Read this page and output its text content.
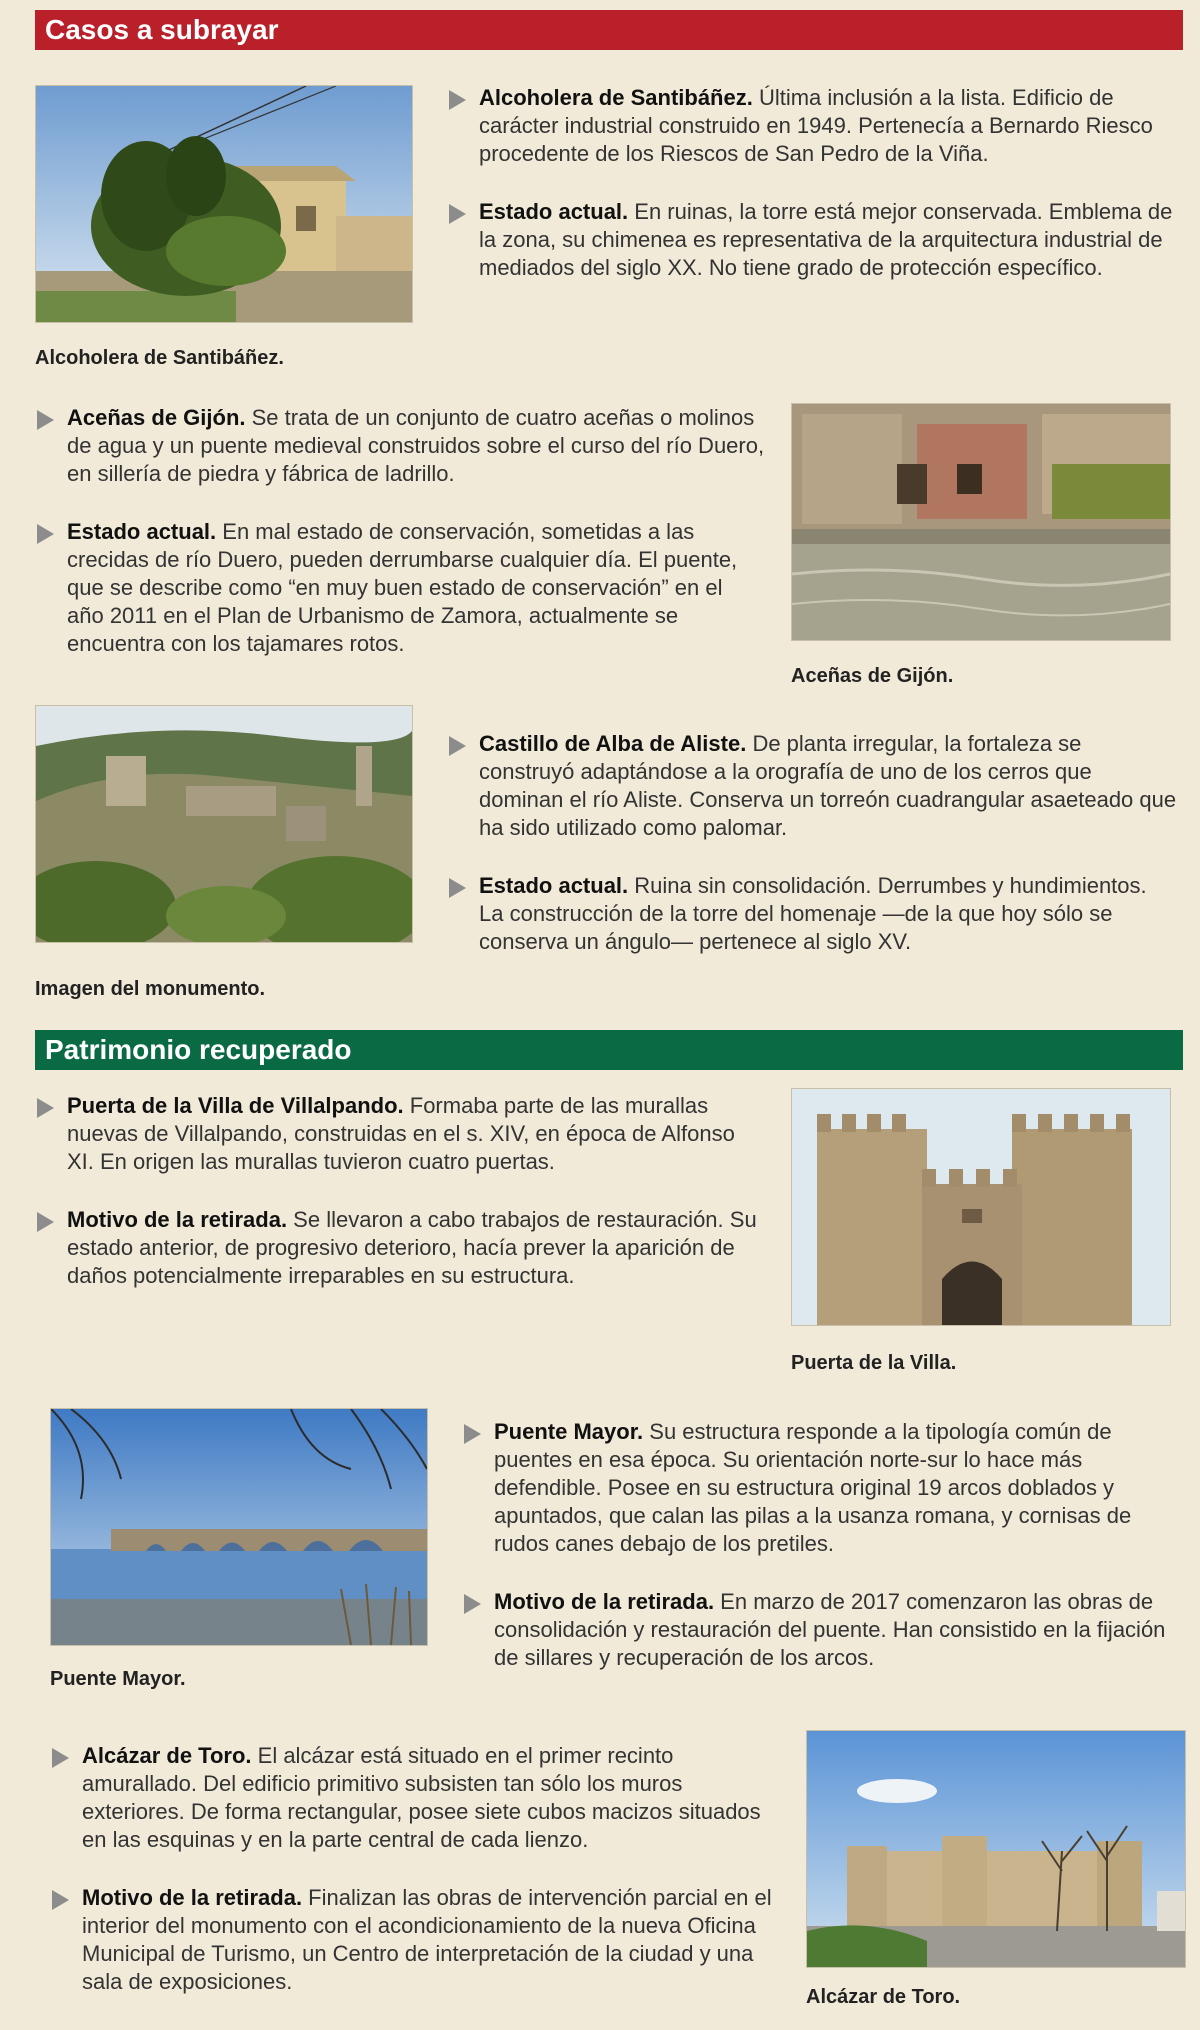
Casos a subrayar
Alcoholera de Santibáñez.

Alcoholera de Santibáñez. Última inclusión a la lista. Edificio de carácter industrial construido en 1949. Pertenecía a Bernardo Riesco procedente de los Riescos de San Pedro de la Viña.

Estado actual. En ruinas, la torre está mejor conservada. Emblema de la zona, su chimenea es representativa de la arquitectura industrial de mediados del siglo XX. No tiene grado de protección específico.

Aceñas de Gijón. Se trata de un conjunto de cuatro aceñas o molinos de agua y un puente medieval construidos sobre el curso del río Duero, en sillería de piedra y fábrica de ladrillo.

Estado actual. En mal estado de conservación, sometidas a las crecidas de río Duero, pueden derrumbarse cualquier día. El puente, que se describe como “en muy buen estado de conservación” en el año 2011 en el Plan de Urbanismo de Zamora, actualmente se encuentra con los tajamares rotos.

Aceñas de Gijón.
Imagen del monumento.

Castillo de Alba de Aliste. De planta irregular, la fortaleza se construyó adaptándose a la orografía de uno de los cerros que dominan el río Aliste. Conserva un torreón cuadrangular asaeteado que ha sido utilizado como palomar.

Estado actual. Ruina sin consolidación. Derrumbes y hundimientos. La construcción de la torre del homenaje —de la que hoy sólo se conserva un ángulo— pertenece al siglo XV.

Patrimonio recuperado

Puerta de la Villa de Villalpando. Formaba parte de las murallas nuevas de Villalpando, construidas en el s. XIV, en época de Alfonso XI. En origen las murallas tuvieron cuatro puertas.

Motivo de la retirada. Se llevaron a cabo trabajos de restauración. Su estado anterior, de progresivo deterioro, hacía prever la aparición de daños potencialmente irreparables en su estructura.

Puerta de la Villa.
Puente Mayor.

Puente Mayor. Su estructura responde a la tipología común de puentes en esa época. Su orientación norte-sur lo hace más defendible. Posee en su estructura original 19 arcos doblados y apuntados, que calan las pilas a la usanza romana, y cornisas de rudos canes debajo de los pretiles.

Motivo de la retirada. En marzo de 2017 comenzaron las obras de consolidación y restauración del puente. Han consistido en la fijación de sillares y recuperación de los arcos.

Alcázar de Toro. El alcázar está situado en el primer recinto amurallado. Del edificio primitivo subsisten tan sólo los muros exteriores. De forma rectangular, posee siete cubos macizos situados en las esquinas y en la parte central de cada lienzo.

Motivo de la retirada. Finalizan las obras de intervención parcial en el interior del monumento con el acondicionamiento de la nueva Oficina Municipal de Turismo, un Centro de interpretación de la ciudad y una sala de exposiciones.

Alcázar de Toro.
